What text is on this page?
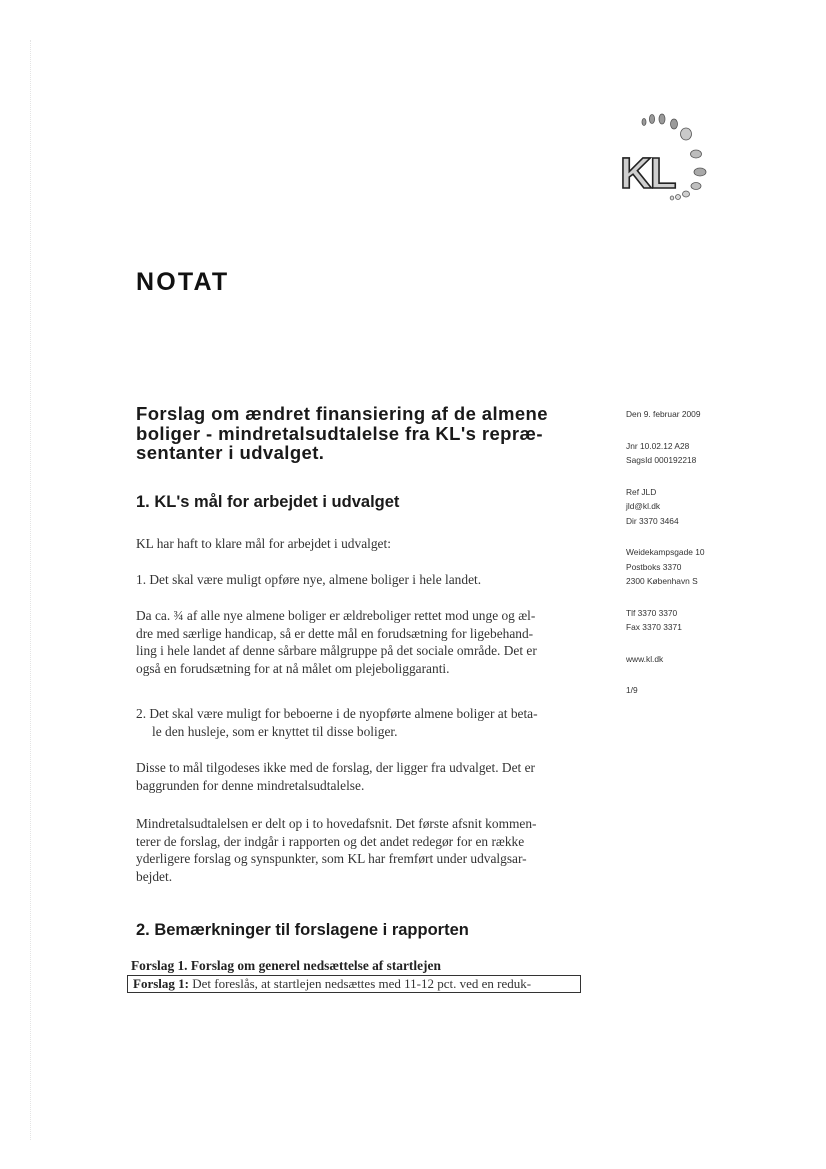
KL
NOTAT
Forslag om ændret finansiering af de almene
boliger - mindretalsudtalelse fra KL's repræ-
sentanter i udvalget.
Den 9. februar 2009
Jnr 10.02.12 A28
SagsId 000192218
Ref JLD
jld@kl.dk
Dir 3370 3464
Weidekampsgade 10
Postboks 3370
2300 København S
Tlf 3370 3370
Fax 3370 3371
www.kl.dk
1/9
1. KL's mål for arbejdet i udvalget

KL har haft to klare mål for arbejdet i udvalget:

1. Det skal være muligt opføre nye, almene boliger i hele landet.

Da ca. ¾ af alle nye almene boliger er ældreboliger rettet mod unge og æl-
dre med særlige handicap, så er dette mål en forudsætning for ligebehand-
ling i hele landet af denne sårbare målgruppe på det sociale område. Det er
også en forudsætning for at nå målet om plejeboliggaranti.

2. Det skal være muligt for beboerne i de nyopførte almene boliger at beta-
le den husleje, som er knyttet til disse boliger.

Disse to mål tilgodeses ikke med de forslag, der ligger fra udvalget. Det er
baggrunden for denne mindretalsudtalelse.

Mindretalsudtalelsen er delt op i to hovedafsnit. Det første afsnit kommen-
terer de forslag, der indgår i rapporten og det andet redegør for en række
yderligere forslag og synspunkter, som KL har fremført under udvalgsar-
bejdet.

2. Bemærkninger til forslagene i rapporten

Forslag 1. Forslag om generel nedsættelse af startlejen

Forslag 1: Det foreslås, at startlejen nedsættes med 11-12 pct. ved en reduk-
